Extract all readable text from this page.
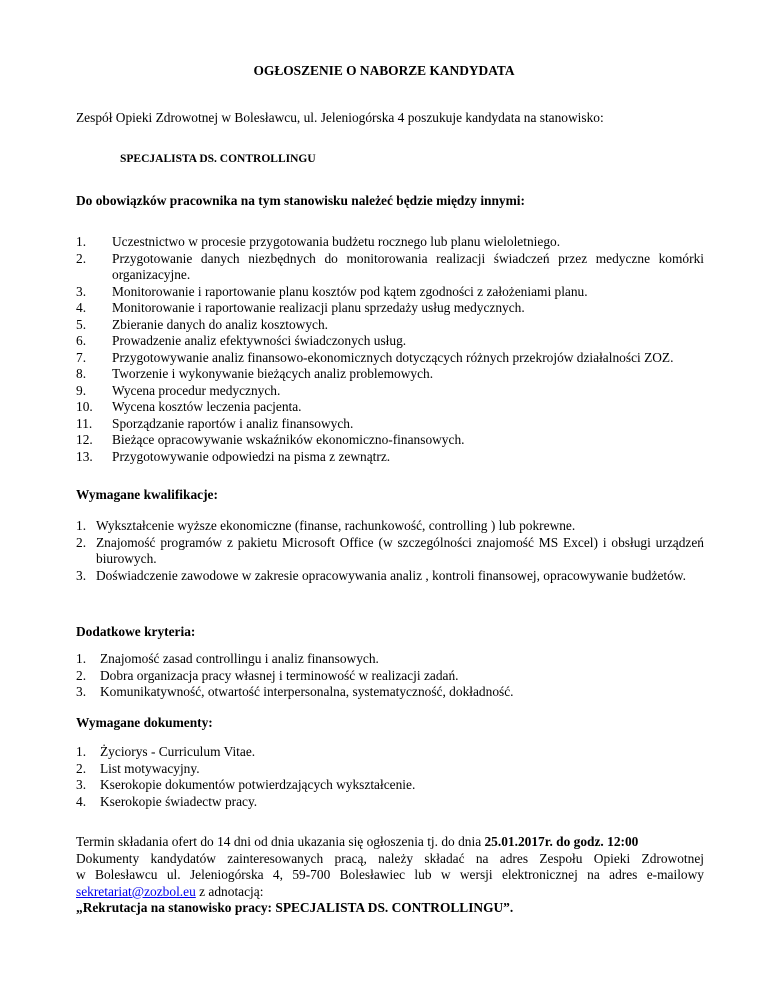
OGŁOSZENIE O NABORZE KANDYDATA
Zespół Opieki Zdrowotnej w Bolesławcu, ul. Jeleniogórska 4 poszukuje kandydata na stanowisko:
SPECJALISTA DS. CONTROLLINGU
Do obowiązków pracownika na tym stanowisku należeć będzie między innymi:
1.	Uczestnictwo w procesie przygotowania budżetu rocznego lub planu wieloletniego.
2.	Przygotowanie danych niezbędnych do monitorowania realizacji świadczeń przez medyczne komórki organizacyjne.
3.	Monitorowanie i raportowanie planu kosztów pod kątem zgodności z założeniami planu.
4.	Monitorowanie i raportowanie realizacji planu sprzedaży usług medycznych.
5.	Zbieranie danych do analiz kosztowych.
6.	Prowadzenie analiz efektywności świadczonych usług.
7.	Przygotowywanie analiz finansowo-ekonomicznych dotyczących różnych przekrojów działalności ZOZ.
8.	Tworzenie i wykonywanie bieżących analiz problemowych.
9.	Wycena procedur medycznych.
10.	Wycena kosztów leczenia pacjenta.
11.	Sporządzanie raportów i analiz finansowych.
12.	Bieżące opracowywanie wskaźników ekonomiczno-finansowych.
13.	Przygotowywanie odpowiedzi na pisma z zewnątrz.
Wymagane kwalifikacje:
1. Wykształcenie wyższe ekonomiczne (finanse, rachunkowość, controlling ) lub pokrewne.
2. Znajomość programów z pakietu Microsoft Office (w szczególności znajomość MS Excel) i obsługi urządzeń biurowych.
3. Doświadczenie zawodowe w zakresie opracowywania analiz , kontroli finansowej, opracowywanie budżetów.
Dodatkowe kryteria:
1.	Znajomość zasad controllingu i analiz finansowych.
2.	Dobra organizacja pracy własnej i terminowość w realizacji zadań.
3.	Komunikatywność, otwartość interpersonalna, systematyczność, dokładność.
Wymagane dokumenty:
1.	Życiorys - Curriculum Vitae.
2.	List motywacyjny.
3.	Kserokopie dokumentów potwierdzających wykształcenie.
4.	Kserokopie świadectw pracy.

Termin składania ofert do 14 dni od dnia ukazania się ogłoszenia tj. do dnia 25.01.2017r. do godz. 12:00

Dokumenty kandydatów zainteresowanych pracą, należy składać na adres Zespołu Opieki Zdrowotnej

w Bolesławcu ul. Jeleniogórska 4, 59-700 Bolesławiec lub w wersji elektronicznej na adres e-mailowy

sekretariat@zozbol.eu z adnotacją:

„Rekrutacja na stanowisko pracy: SPECJALISTA DS. CONTROLLINGU”.
